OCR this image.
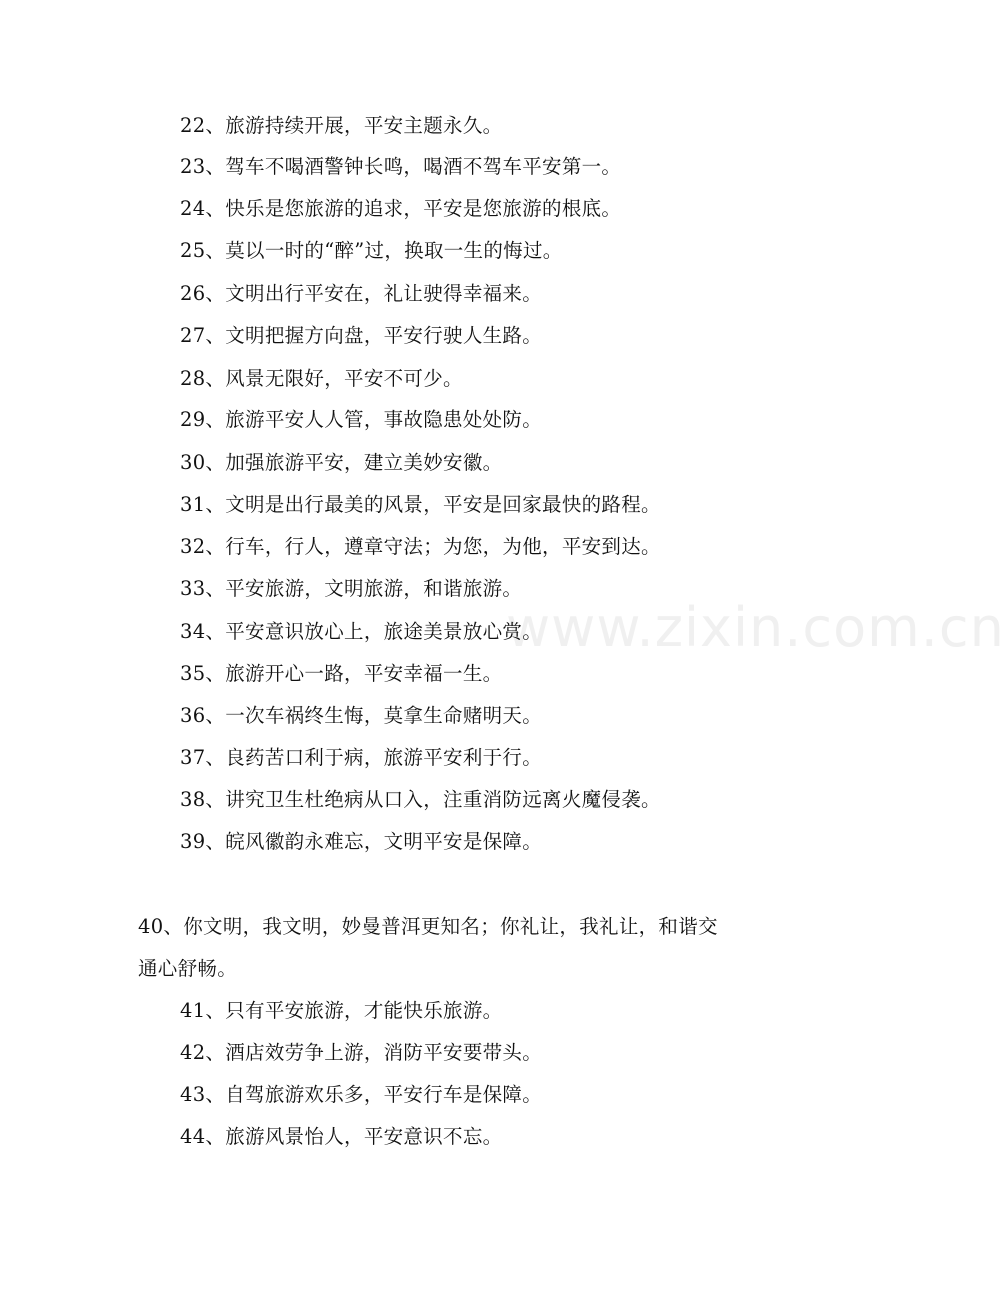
www.zixin.com.cn
22、旅游持续开展，平安主题永久。
23、驾车不喝酒警钟长鸣，喝酒不驾车平安第一。
24、快乐是您旅游的追求，平安是您旅游的根底。
25、莫以一时的“醉”过，换取一生的悔过。
26、文明出行平安在，礼让驶得幸福来。
27、文明把握方向盘，平安行驶人生路。
28、风景无限好，平安不可少。
29、旅游平安人人管，事故隐患处处防。
30、加强旅游平安，建立美妙安徽。
31、文明是出行最美的风景，平安是回家最快的路程。
32、行车，行人，遵章守法；为您，为他，平安到达。
33、平安旅游，文明旅游，和谐旅游。
34、平安意识放心上，旅途美景放心赏。
35、旅游开心一路，平安幸福一生。
36、一次车祸终生悔，莫拿生命赌明天。
37、良药苦口利于病，旅游平安利于行。
38、讲究卫生杜绝病从口入，注重消防远离火魔侵袭。
39、皖风徽韵永难忘，文明平安是保障。
40、你文明，我文明，妙曼普洱更知名；你礼让，我礼让，和谐交
通心舒畅。
41、只有平安旅游，才能快乐旅游。
42、酒店效劳争上游，消防平安要带头。
43、自驾旅游欢乐多，平安行车是保障。
44、旅游风景怡人，平安意识不忘。
